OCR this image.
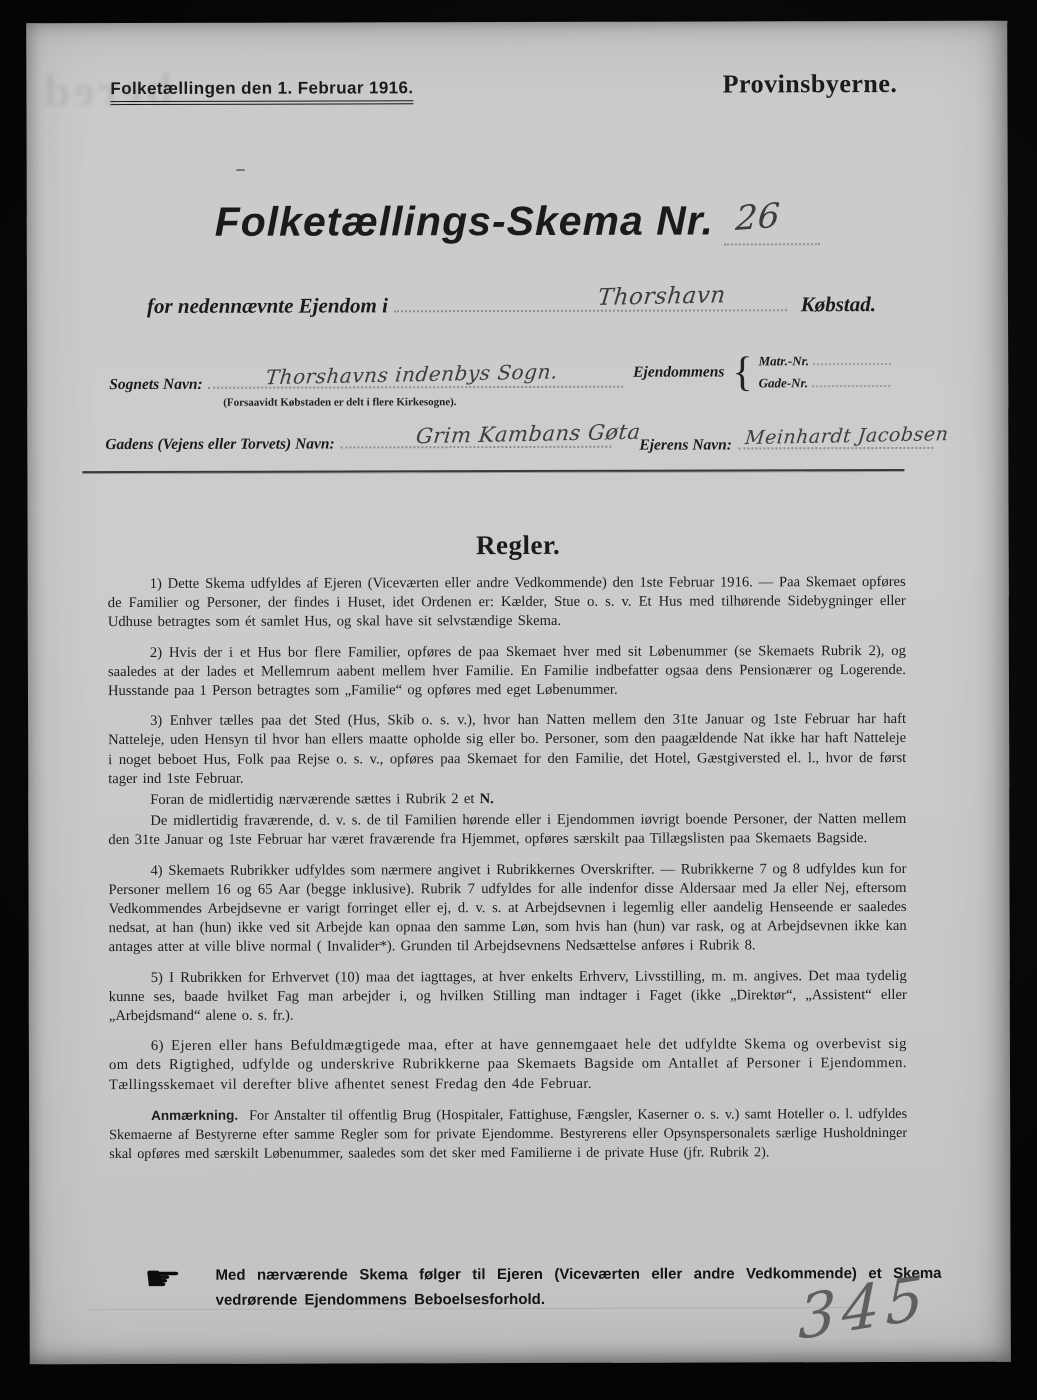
bered
Folketællingen den 1. Februar 1916.	Provinsbyerne.
–
Folketællings-Skema Nr. 26
for nedennævnte Ejendom i	Thorshavn	Købstad.
Sognets Navn:	Thorshavns indenbys Sogn.
(Forsaavidt Købstaden er delt i flere Kirkesogne).
Ejendommens { Matr.-Nr.
Gade-Nr.
Gadens (Vejens eller Torvets) Navn:	Grim Kambans Gøta
Ejerens Navn: Meinhardt Jacobsen
Regler.

1) Dette Skema udfyldes af Ejeren (Viceværten eller andre Vedkommende) den 1ste Februar 1916. — Paa Skemaet opføres de Familier og Personer, der findes i Huset, idet Ordenen er: Kælder, Stue o. s. v. Et Hus med tilhørende Sidebygninger eller Udhuse betragtes som ét samlet Hus, og skal have sit selvstændige Skema.

2) Hvis der i et Hus bor flere Familier, opføres de paa Skemaet hver med sit Løbenummer (se Skemaets Rubrik 2), og saaledes at der lades et Mellemrum aabent mellem hver Familie. En Familie indbefatter ogsaa dens Pensionærer og Logerende. Husstande paa 1 Person betragtes som „Familie“ og opføres med eget Løbenummer.

3) Enhver tælles paa det Sted (Hus, Skib o. s. v.), hvor han Natten mellem den 31te Januar og 1ste Februar har haft Natteleje, uden Hensyn til hvor han ellers maatte opholde sig eller bo. Personer, som den paagældende Nat ikke har haft Natteleje i noget beboet Hus, Folk paa Rejse o. s. v., opføres paa Skemaet for den Familie, det Hotel, Gæstgiversted el. l., hvor de først tager ind 1ste Februar.

Foran de midlertidig nærværende sættes i Rubrik 2 et N.

De midlertidig fraværende, d. v. s. de til Familien hørende eller i Ejendommen iøvrigt boende Personer, der Natten mellem den 31te Januar og 1ste Februar har været fraværende fra Hjemmet, opføres særskilt paa Tillægslisten paa Skemaets Bagside.

4) Skemaets Rubrikker udfyldes som nærmere angivet i Rubrikkernes Overskrifter. — Rubrikkerne 7 og 8 udfyldes kun for Personer mellem 16 og 65 Aar (begge inklusive). Rubrik 7 udfyldes for alle indenfor disse Aldersaar med Ja eller Nej, eftersom Vedkommendes Arbejdsevne er varigt forringet eller ej, d. v. s. at Arbejdsevnen i legemlig eller aandelig Henseende er saaledes nedsat, at han (hun) ikke ved sit Arbejde kan opnaa den samme Løn, som hvis han (hun) var rask, og at Arbejdsevnen ikke kan antages atter at ville blive normal ( Invalider*). Grunden til Arbejdsevnens Nedsættelse anføres i Rubrik 8.

5) I Rubrikken for Erhvervet (10) maa det iagttages, at hver enkelts Erhverv, Livsstilling, m. m. angives. Det maa tydelig kunne ses, baade hvilket Fag man arbejder i, og hvilken Stilling man indtager i Faget (ikke „Direktør“, „Assistent“ eller „Arbejdsmand“ alene o. s. fr.).

6) Ejeren eller hans Befuldmægtigede maa, efter at have gennemgaaet hele det udfyldte Skema og overbevist sig om dets Rigtighed, udfylde og underskrive Rubrikkerne paa Skemaets Bagside om Antallet af Personer i Ejendommen. Tællingsskemaet vil derefter blive afhentet senest Fredag den 4de Februar.

Anmærkning. For Anstalter til offentlig Brug (Hospitaler, Fattighuse, Fængsler, Kaserner o. s. v.) samt Hoteller o. l. udfyldes Skemaerne af Bestyrerne efter samme Regler som for private Ejendomme. Bestyrerens eller Opsynspersonalets særlige Husholdninger skal opføres med særskilt Løbenummer, saaledes som det sker med Familierne i de private Huse (jfr. Rubrik 2).

☛ Med nærværende Skema følger til Ejeren (Viceværten eller andre Vedkommende) et Skema vedrørende Ejendommens Beboelsesforhold.	345
